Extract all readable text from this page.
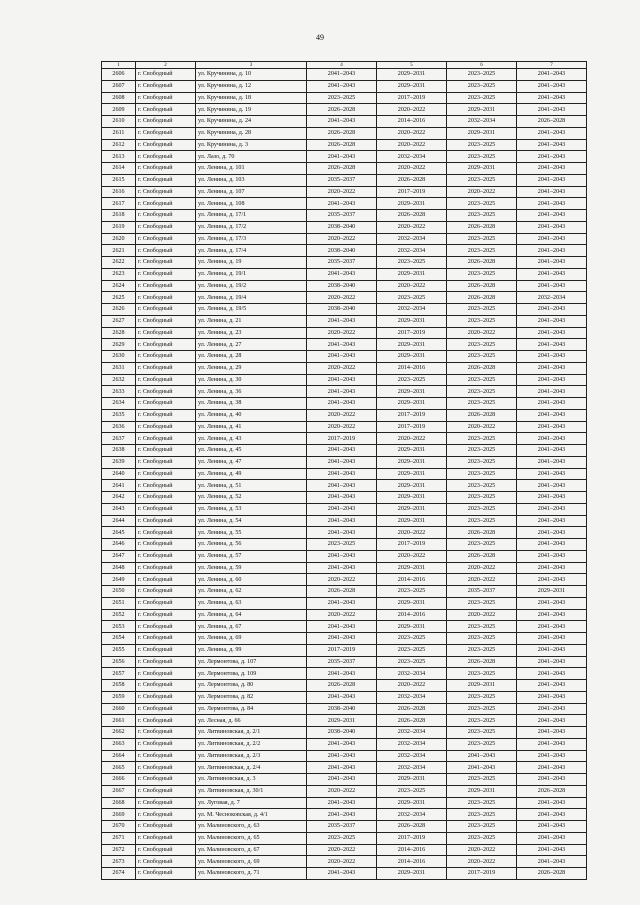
49
1	2	3	4	5	6	7
2606	г. Свободный	ул. Кручинина, д. 10	2041–2043	2029–2031	2023–2025	2041–2043
2607	г. Свободный	ул. Кручинина, д. 12	2041–2043	2029–2031	2023–2025	2041–2043
2608	г. Свободный	ул. Кручинина, д. 18	2023–2025	2017–2019	2023–2025	2041–2043
2609	г. Свободный	ул. Кручинина, д. 19	2026–2028	2020–2022	2029–2031	2041–2043
2610	г. Свободный	ул. Кручинина, д. 24	2041–2043	2014–2016	2032–2034	2026–2028
2611	г. Свободный	ул. Кручинина, д. 28	2026–2028	2020–2022	2029–2031	2041–2043
2612	г. Свободный	ул. Кручинина, д. 3	2026–2028	2020–2022	2023–2025	2041–2043
2613	г. Свободный	ул. Лазо, д. 70	2041–2043	2032–2034	2023–2025	2041–2043
2614	г. Свободный	ул. Ленина, д. 101	2026–2028	2020–2022	2029–2031	2041–2043
2615	г. Свободный	ул. Ленина, д. 103	2035–2037	2026–2028	2023–2025	2041–2043
2616	г. Свободный	ул. Ленина, д. 107	2020–2022	2017–2019	2020–2022	2041–2043
2617	г. Свободный	ул. Ленина, д. 108	2041–2043	2029–2031	2023–2025	2041–2043
2618	г. Свободный	ул. Ленина, д. 17/1	2035–2037	2026–2028	2023–2025	2041–2043
2619	г. Свободный	ул. Ленина, д. 17/2	2038–2040	2020–2022	2026–2028	2041–2043
2620	г. Свободный	ул. Ленина, д. 17/3	2020–2022	2032–2034	2023–2025	2041–2043
2621	г. Свободный	ул. Ленина, д. 17/4	2038–2040	2032–2034	2023–2025	2041–2043
2622	г. Свободный	ул. Ленина, д. 19	2035–2037	2023–2025	2026–2028	2041–2043
2623	г. Свободный	ул. Ленина, д. 19/1	2041–2043	2029–2031	2023–2025	2041–2043
2624	г. Свободный	ул. Ленина, д. 19/2	2038–2040	2020–2022	2026–2028	2041–2043
2625	г. Свободный	ул. Ленина, д. 19/4	2020–2022	2023–2025	2026–2028	2032–2034
2626	г. Свободный	ул. Ленина, д. 19/5	2038–2040	2032–2034	2023–2025	2041–2043
2627	г. Свободный	ул. Ленина, д. 21	2041–2043	2029–2031	2023–2025	2041–2043
2628	г. Свободный	ул. Ленина, д. 23	2020–2022	2017–2019	2020–2022	2041–2043
2629	г. Свободный	ул. Ленина, д. 27	2041–2043	2029–2031	2023–2025	2041–2043
2630	г. Свободный	ул. Ленина, д. 28	2041–2043	2029–2031	2023–2025	2041–2043
2631	г. Свободный	ул. Ленина, д. 29	2020–2022	2014–2016	2026–2028	2041–2043
2632	г. Свободный	ул. Ленина, д. 30	2041–2043	2023–2025	2023–2025	2041–2043
2633	г. Свободный	ул. Ленина, д. 36	2041–2043	2029–2031	2023–2025	2041–2043
2634	г. Свободный	ул. Ленина, д. 38	2041–2043	2029–2031	2023–2025	2041–2043
2635	г. Свободный	ул. Ленина, д. 40	2020–2022	2017–2019	2026–2028	2041–2043
2636	г. Свободный	ул. Ленина, д. 41	2020–2022	2017–2019	2020–2022	2041–2043
2637	г. Свободный	ул. Ленина, д. 43	2017–2019	2020–2022	2023–2025	2041–2043
2638	г. Свободный	ул. Ленина, д. 45	2041–2043	2029–2031	2023–2025	2041–2043
2639	г. Свободный	ул. Ленина, д. 47	2041–2043	2029–2031	2023–2025	2041–2043
2640	г. Свободный	ул. Ленина, д. 49	2041–2043	2029–2031	2023–2025	2041–2043
2641	г. Свободный	ул. Ленина, д. 51	2041–2043	2029–2031	2023–2025	2041–2043
2642	г. Свободный	ул. Ленина, д. 52	2041–2043	2029–2031	2023–2025	2041–2043
2643	г. Свободный	ул. Ленина, д. 53	2041–2043	2029–2031	2023–2025	2041–2043
2644	г. Свободный	ул. Ленина, д. 54	2041–2043	2029–2031	2023–2025	2041–2043
2645	г. Свободный	ул. Ленина, д. 55	2041–2043	2020–2022	2026–2028	2041–2043
2646	г. Свободный	ул. Ленина, д. 56	2023–2025	2017–2019	2023–2025	2041–2043
2647	г. Свободный	ул. Ленина, д. 57	2041–2043	2020–2022	2026–2028	2041–2043
2648	г. Свободный	ул. Ленина, д. 59	2041–2043	2029–2031	2020–2022	2041–2043
2649	г. Свободный	ул. Ленина, д. 60	2020–2022	2014–2016	2020–2022	2041–2043
2650	г. Свободный	ул. Ленина, д. 62	2026–2028	2023–2025	2035–2037	2029–2031
2651	г. Свободный	ул. Ленина, д. 63	2041–2043	2029–2031	2023–2025	2041–2043
2652	г. Свободный	ул. Ленина, д. 64	2020–2022	2014–2016	2020–2022	2041–2043
2653	г. Свободный	ул. Ленина, д. 67	2041–2043	2029–2031	2023–2025	2041–2043
2654	г. Свободный	ул. Ленина, д. 69	2041–2043	2023–2025	2023–2025	2041–2043
2655	г. Свободный	ул. Ленина, д. 99	2017–2019	2023–2025	2023–2025	2041–2043
2656	г. Свободный	ул. Лермонтова, д. 107	2035–2037	2023–2025	2026–2028	2041–2043
2657	г. Свободный	ул. Лермонтова, д. 109	2041–2043	2032–2034	2023–2025	2041–2043
2658	г. Свободный	ул. Лермонтова, д. 80	2026–2028	2020–2022	2029–2031	2041–2043
2659	г. Свободный	ул. Лермонтова, д. 82	2041–2043	2032–2034	2023–2025	2041–2043
2660	г. Свободный	ул. Лермонтова, д. 84	2038–2040	2026–2028	2023–2025	2041–2043
2661	г. Свободный	ул. Лесная, д. 66	2029–2031	2026–2028	2023–2025	2041–2043
2662	г. Свободный	ул. Литвиновская, д. 2/1	2038–2040	2032–2034	2023–2025	2041–2043
2663	г. Свободный	ул. Литвиновская, д. 2/2	2041–2043	2032–2034	2023–2025	2041–2043
2664	г. Свободный	ул. Литвиновская, д. 2/3	2041–2043	2032–2034	2041–2043	2041–2043
2665	г. Свободный	ул. Литвиновская, д. 2/4	2041–2043	2032–2034	2041–2043	2041–2043
2666	г. Свободный	ул. Литвиновская, д. 3	2041–2043	2029–2031	2023–2025	2041–2043
2667	г. Свободный	ул. Литвиновская, д. 30/1	2020–2022	2023–2025	2029–2031	2026–2028
2668	г. Свободный	ул. Луговая, д. 7	2041–2043	2029–2031	2023–2025	2041–2043
2669	г. Свободный	ул. М. Чесноковская, д. 4/1	2041–2043	2032–2034	2023–2025	2041–2043
2670	г. Свободный	ул. Малиновского, д. 63	2035–2037	2026–2028	2023–2025	2041–2043
2671	г. Свободный	ул. Малиновского, д. 65	2023–2025	2017–2019	2023–2025	2041–2043
2672	г. Свободный	ул. Малиновского, д. 67	2020–2022	2014–2016	2020–2022	2041–2043
2673	г. Свободный	ул. Малиновского, д. 69	2020–2022	2014–2016	2020–2022	2041–2043
2674	г. Свободный	ул. Малиновского, д. 71	2041–2043	2029–2031	2017–2019	2026–2028
